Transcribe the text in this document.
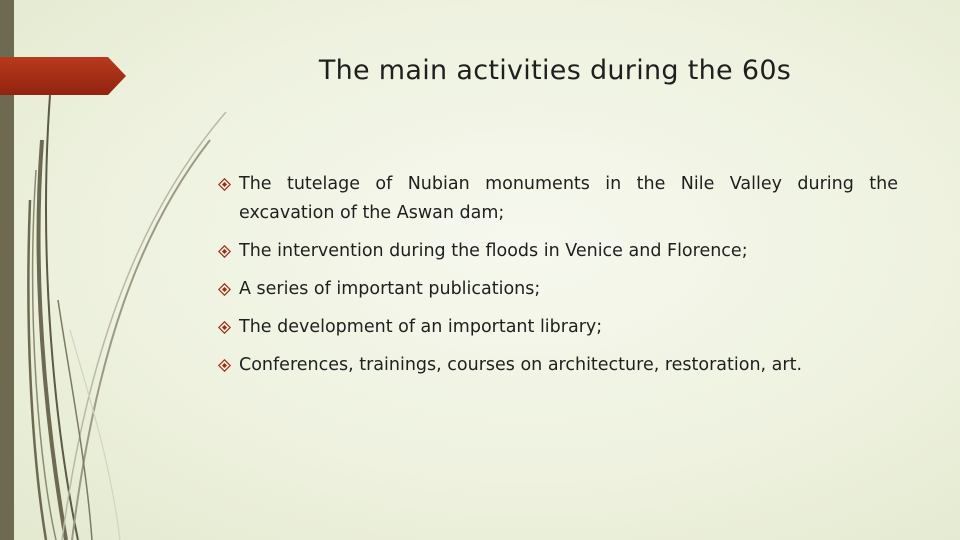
The main activities during the 60s
The tutelage of Nubian monuments in the Nile Valley during the excavation of the Aswan dam;
The intervention during the floods in Venice and Florence;
A series of important publications;
The development of an important library;
Conferences, trainings, courses on architecture, restoration, art.
